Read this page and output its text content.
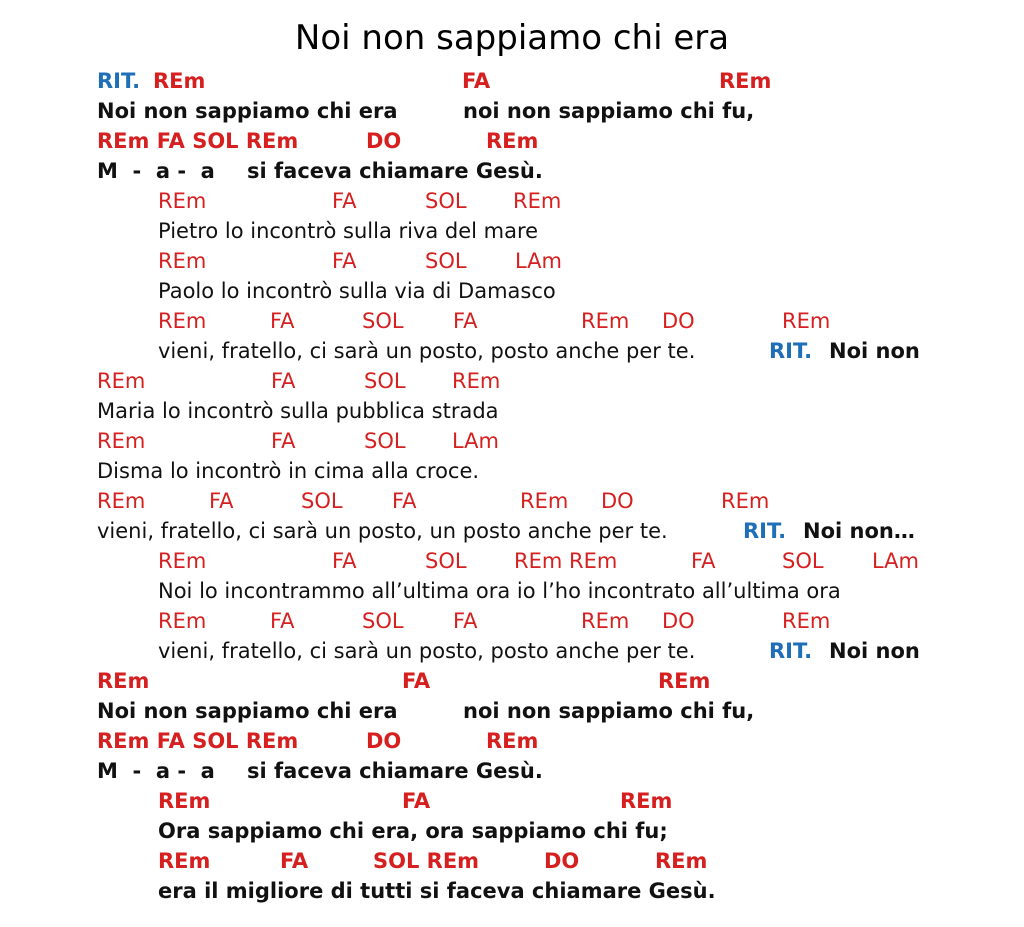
Noi non sappiamo chi era
RIT. REm	FA	REm
Noi non sappiamo chi era	noi non sappiamo chi fu,
REm FA SOL REm	DO	REm
M  -  a -  a si faceva chiamare Gesù.
REm	FA	SOL REm
Pietro lo incontrò sulla riva del mare
REm	FA	SOL LAm
Paolo lo incontrò sulla via di Damasco
REm	FA	SOL FA	REm DO	REm
vieni, fratello, ci sarà un posto, posto anche per te.	RIT. Noi non
REm	FA	SOL REm
Maria lo incontrò sulla pubblica strada
REm	FA	SOL LAm
Disma lo incontrò in cima alla croce.
REm	FA	SOL FA	REm DO	REm
vieni, fratello, ci sarà un posto, un posto anche per te.	RIT. Noi non…
REm	FA	SOL REm REm	FA	SOL LAm
Noi lo incontrammo all’ultima ora io l’ho incontrato all’ultima ora
REm	FA	SOL FA	REm DO	REm
vieni, fratello, ci sarà un posto, posto anche per te.	RIT. Noi non
REm	FA	REm
Noi non sappiamo chi era	noi non sappiamo chi fu,
REm FA SOL REm	DO	REm
M  -  a -  a si faceva chiamare Gesù.
REm	FA	REm
Ora sappiamo chi era, ora sappiamo chi fu;
REm	FA	SOL REm	DO	REm
era il migliore di tutti si faceva chiamare Gesù.
